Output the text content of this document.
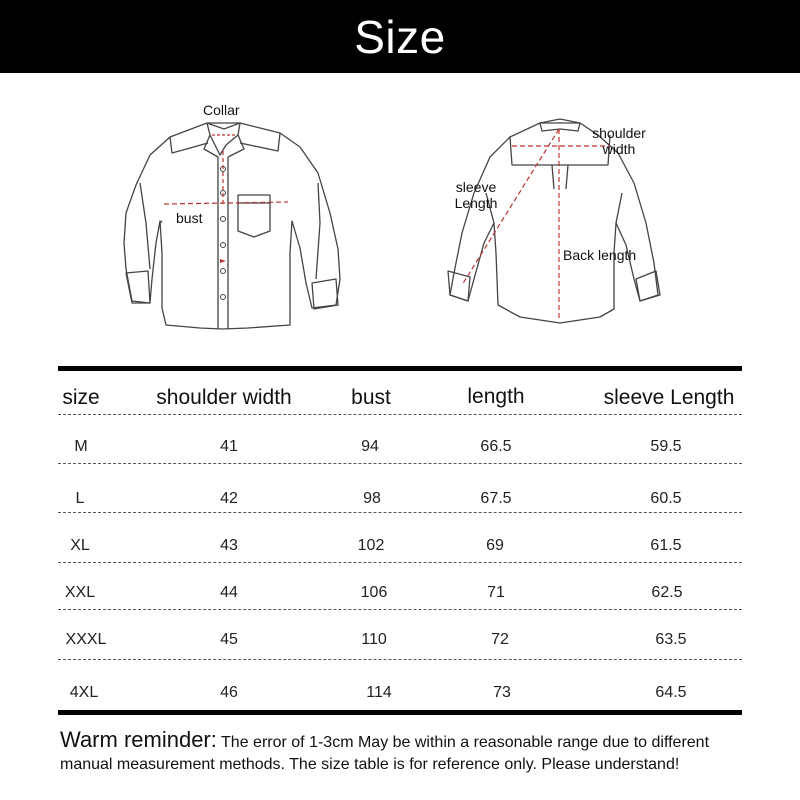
Size
Collar
bust
shoulder
width
sleeve
Length
Back length
size	shoulder width	bust	length	sleeve Length
M	41	94	66.5	59.5
L	42	98	67.5	60.5
XL	43	102	69	61.5
XXL	44	106	71	62.5
XXXL	45	110	72	63.5
4XL	46	114	73	64.5
Warm reminder: The error of 1-3cm May be within a reasonable range due to different manual measurement methods. The size table is for reference only. Please understand!
